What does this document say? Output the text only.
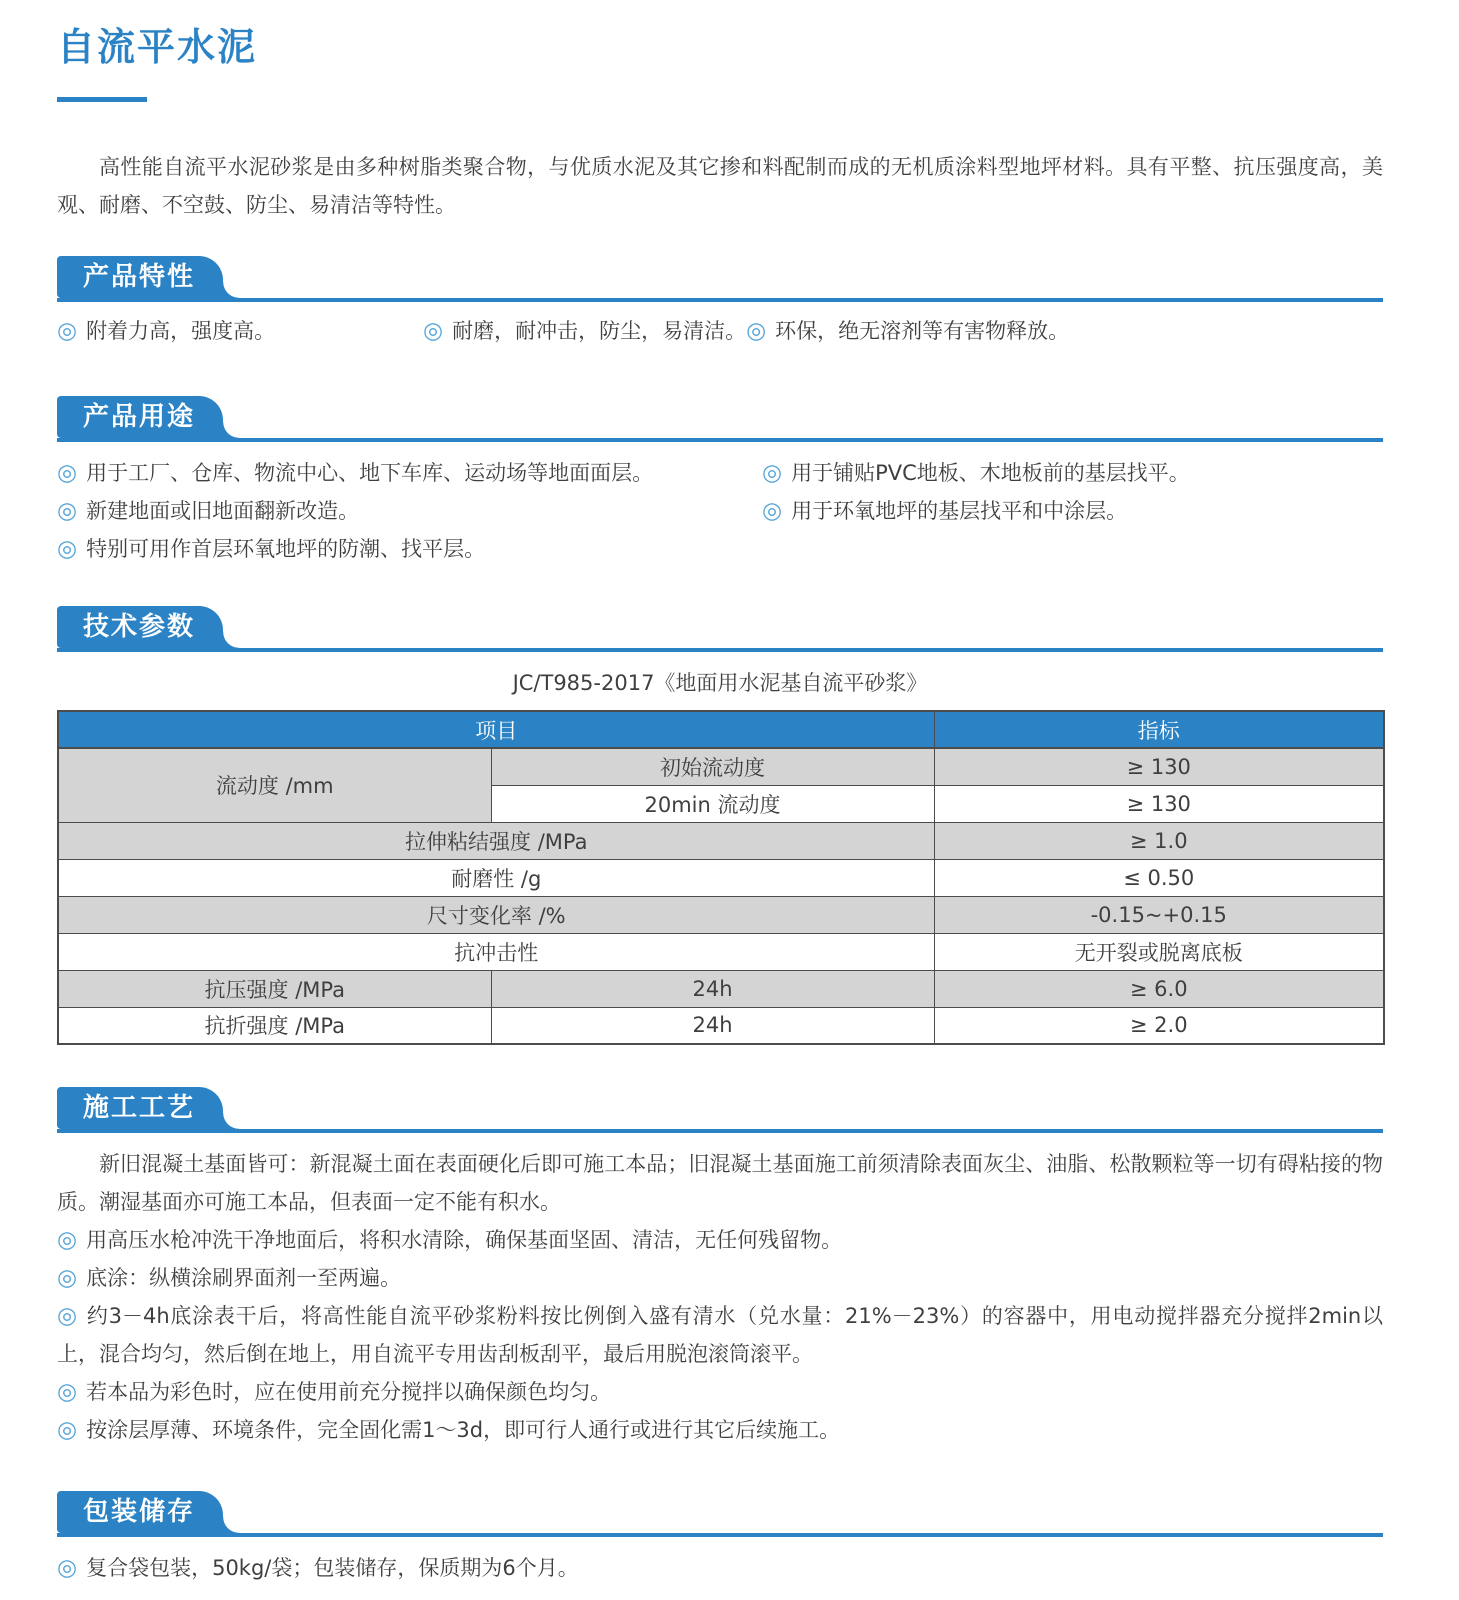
自流平水泥

高性能自流平水泥砂浆是由多种树脂类聚合物，与优质水泥及其它掺和料配制而成的无机质涂料型地坪材料。具有平整、抗压强度高，美观、耐磨、不空鼓、防尘、易清洁等特性。

产品特性
◎ 附着力高，强度高。	◎ 耐磨，耐冲击，防尘，易清洁。 ◎ 环保，绝无溶剂等有害物释放。
产品用途
◎ 用于工厂、仓库、物流中心、地下车库、运动场等地面面层。
◎ 新建地面或旧地面翻新改造。
◎ 特别可用作首层环氧地坪的防潮、找平层。
◎ 用于铺贴PVC地板、木地板前的基层找平。
◎ 用于环氧地坪的基层找平和中涂层。
技术参数
JC/T985-2017《地面用水泥基自流平砂浆》
项目		指标
流动度 /mm	初始流动度	≥ 130
	20min 流动度	≥ 130
拉伸粘结强度 /MPa		≥ 1.0
耐磨性 /g		≤ 0.50
尺寸变化率 /%		-0.15~+0.15
抗冲击性		无开裂或脱离底板
抗压强度 /MPa	24h	≥ 6.0
抗折强度 /MPa	24h	≥ 2.0
施工工艺

新旧混凝土基面皆可：新混凝土面在表面硬化后即可施工本品；旧混凝土基面施工前须清除表面灰尘、油脂、松散颗粒等一切有碍粘接的物质。潮湿基面亦可施工本品，但表面一定不能有积水。

◎ 用高压水枪冲洗干净地面后，将积水清除，确保基面坚固、清洁，无任何残留物。
◎ 底涂：纵横涂刷界面剂一至两遍。
◎ 约3－4h底涂表干后，将高性能自流平砂浆粉料按比例倒入盛有清水（兑水量：21%－23%）的容器中，用电动搅拌器充分搅拌2min以上，混合均匀，然后倒在地上，用自流平专用齿刮板刮平，最后用脱泡滚筒滚平。
◎ 若本品为彩色时，应在使用前充分搅拌以确保颜色均匀。
◎ 按涂层厚薄、环境条件，完全固化需1～3d，即可行人通行或进行其它后续施工。
包装储存
◎ 复合袋包装，50kg/袋；包装储存，保质期为6个月。
